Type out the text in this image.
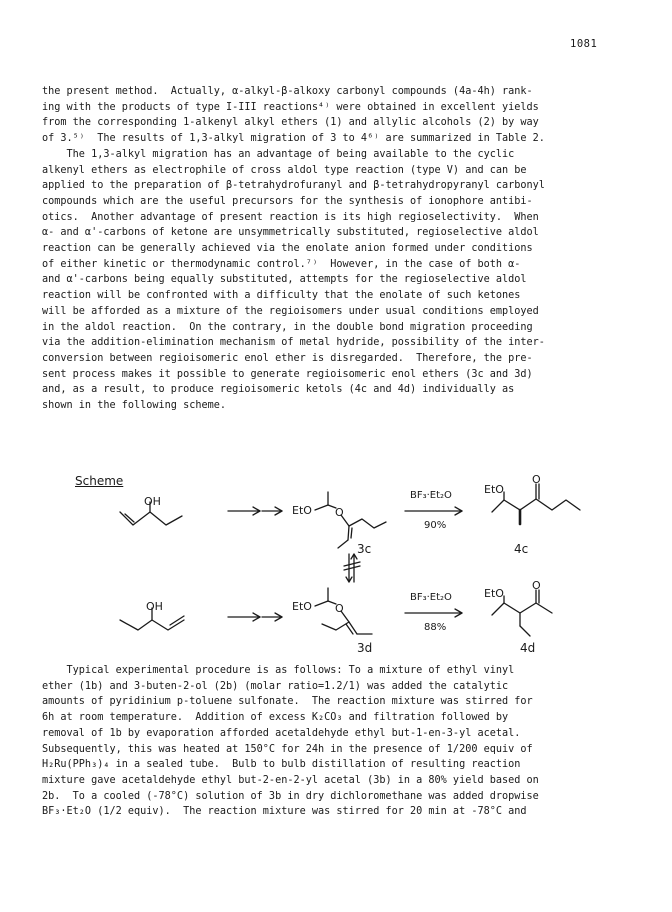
1081
the present method.  Actually, α-alkyl-β-alkoxy carbonyl compounds (4a-4h) rank-
ing with the products of type I-III reactions⁴⁾ were obtained in excellent yields
from the corresponding 1-alkenyl alkyl ethers (1) and allylic alcohols (2) by way
of 3.⁵⁾  The results of 1,3-alkyl migration of 3 to 4⁶⁾ are summarized in Table 2.
The 1,3-alkyl migration has an advantage of being available to the cyclic
alkenyl ethers as electrophile of cross aldol type reaction (type V) and can be
applied to the preparation of β-tetrahydrofuranyl and β-tetrahydropyranyl carbonyl
compounds which are the useful precursors for the synthesis of ionophore antibi-
otics.  Another advantage of present reaction is its high regioselectivity.  When
α- and α'-carbons of ketone are unsymmetrically substituted, regioselective aldol
reaction can be generally achieved via the enolate anion formed under conditions
of either kinetic or thermodynamic control.⁷⁾  However, in the case of both α-
and α'-carbons being equally substituted, attempts for the regioselective aldol
reaction will be confronted with a difficulty that the enolate of such ketones
will be afforded as a mixture of the regioisomers under usual conditions employed
in the aldol reaction.  On the contrary, in the double bond migration proceeding
via the addition-elimination mechanism of metal hydride, possibility of the inter-
conversion between regioisomeric enol ether is disregarded.  Therefore, the pre-
sent process makes it possible to generate regioisomeric enol ethers (3c and 3d)
and, as a result, to produce regioisomeric ketols (4c and 4d) individually as
shown in the following scheme.
Scheme
OH
OH
EtO O
EtO O
3c
3d
BF₃·Et₂O
90%
BF₃·Et₂O
88%
EtO
O
4c
EtO
O
4d
Typical experimental procedure is as follows: To a mixture of ethyl vinyl
ether (1b) and 3-buten-2-ol (2b) (molar ratio=1.2/1) was added the catalytic
amounts of pyridinium p-toluene sulfonate.  The reaction mixture was stirred for
6h at room temperature.  Addition of excess K₂CO₃ and filtration followed by
removal of 1b by evaporation afforded acetaldehyde ethyl but-1-en-3-yl acetal.
Subsequently, this was heated at 150°C for 24h in the presence of 1/200 equiv of
H₂Ru(PPh₃)₄ in a sealed tube.  Bulb to bulb distillation of resulting reaction
mixture gave acetaldehyde ethyl but-2-en-2-yl acetal (3b) in a 80% yield based on
2b.  To a cooled (-78°C) solution of 3b in dry dichloromethane was added dropwise
BF₃·Et₂O (1/2 equiv).  The reaction mixture was stirred for 20 min at -78°C and
